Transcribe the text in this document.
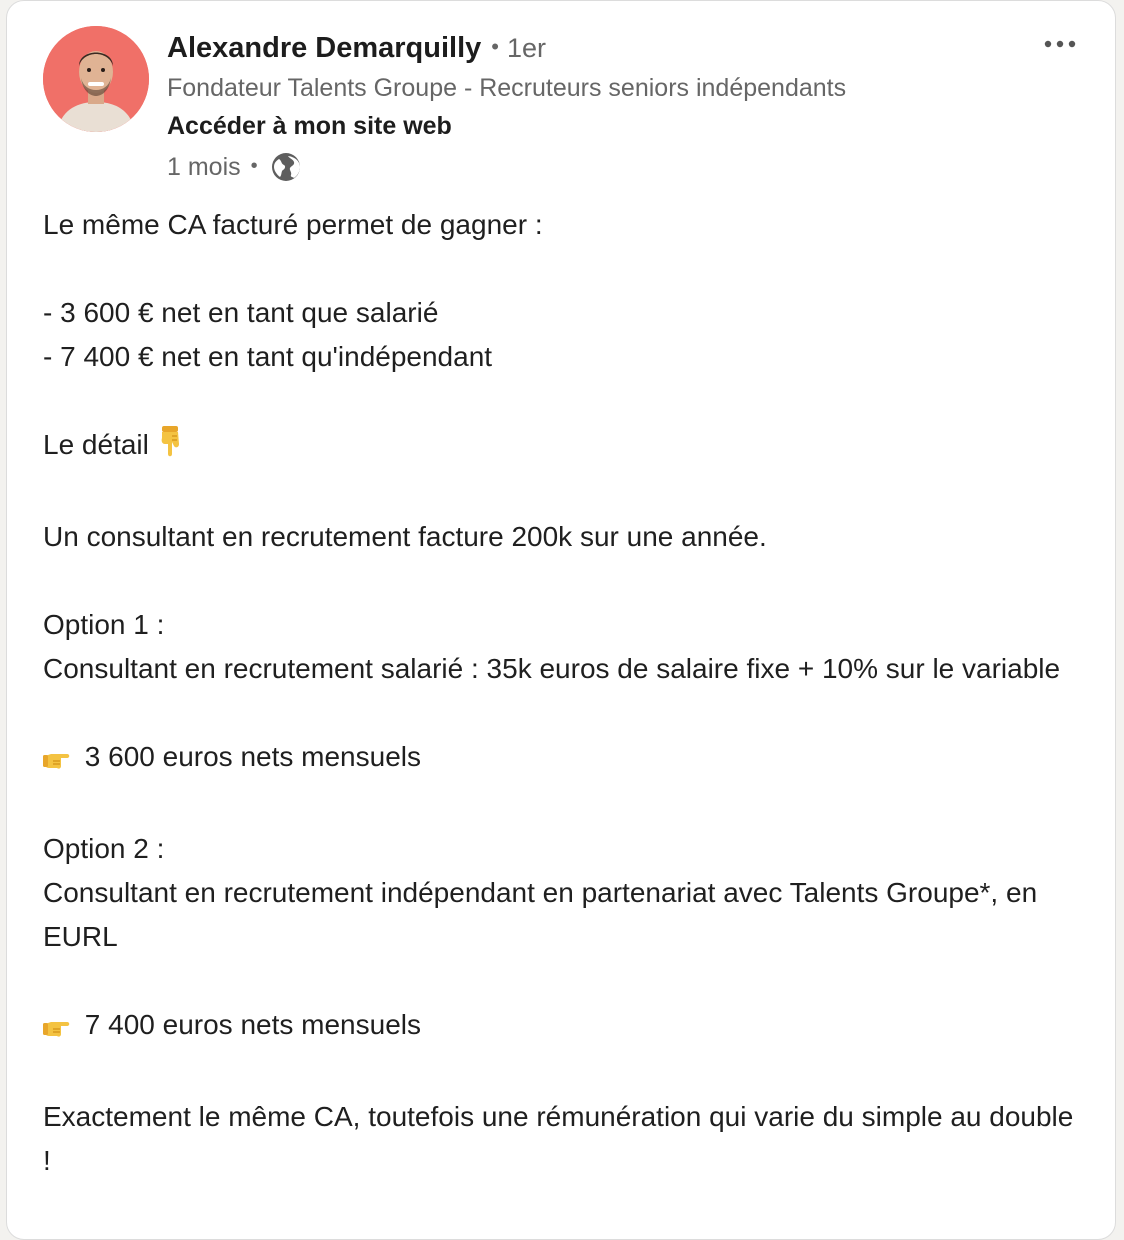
Alexandre Demarquilly • 1er
Fondateur Talents Groupe - Recruteurs seniors indépendants
Accéder à mon site web
1 mois •

Le même CA facturé permet de gagner :

- 3 600 € net en tant que salarié

- 7 400 € net en tant qu'indépendant

Le détail

Un consultant en recrutement facture 200k sur une année.

Option 1 :

Consultant en recrutement salarié : 35k euros de salaire fixe + 10% sur le variable

3 600 euros nets mensuels

Option 2 :

Consultant en recrutement indépendant en partenariat avec Talents Groupe*, en EURL

7 400 euros nets mensuels

Exactement le même CA, toutefois une rémunération qui varie du simple au double !
